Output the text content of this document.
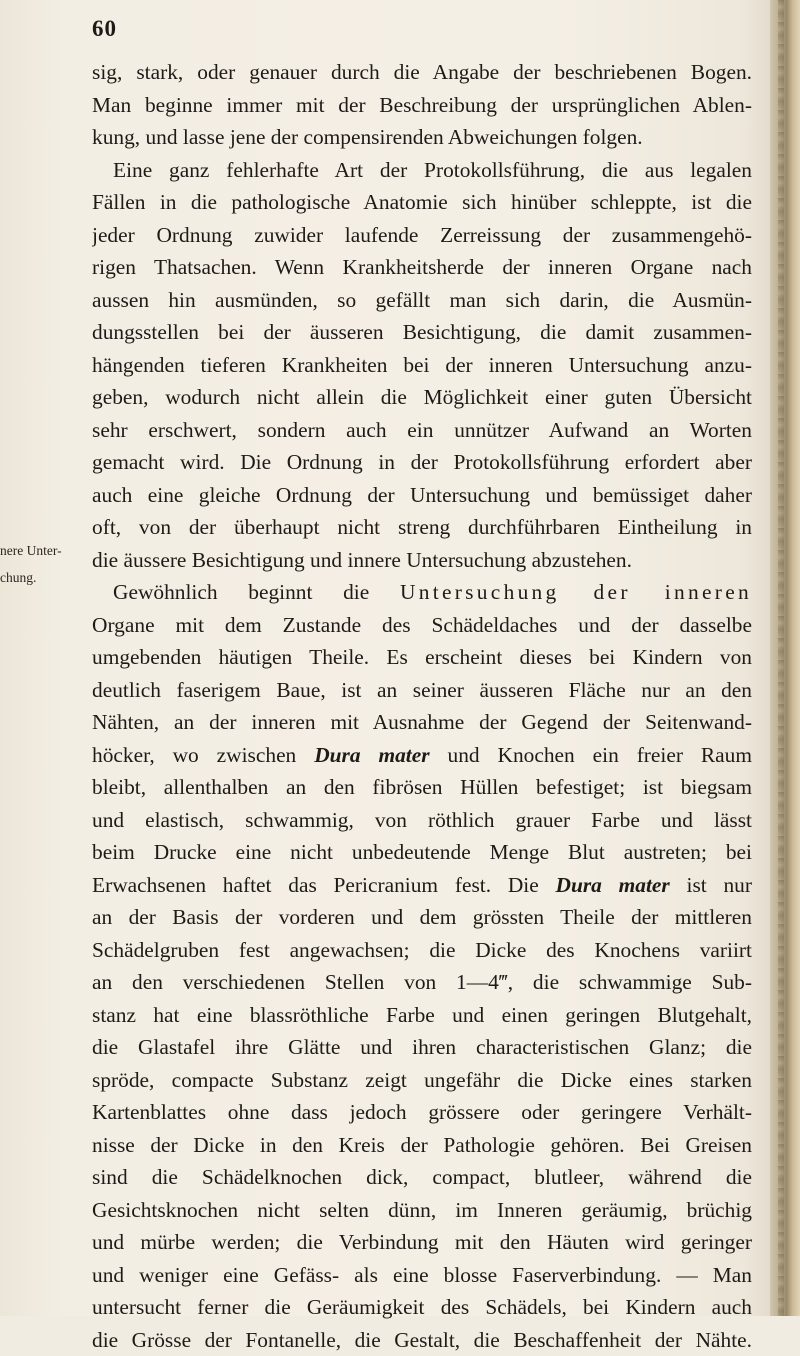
60
nere Unter-
chung.
sig, stark, oder genauer durch die Angabe der beschriebenen Bogen.
Man beginne immer mit der Beschreibung der ursprünglichen Ablen-
kung, und lasse jene der compensirenden Abweichungen folgen.
Eine ganz fehlerhafte Art der Protokollsführung, die aus legalen
Fällen in die pathologische Anatomie sich hinüber schleppte, ist die
jeder Ordnung zuwider laufende Zerreissung der zusammengehö-
rigen Thatsachen. Wenn Krankheitsherde der inneren Organe nach
aussen hin ausmünden, so gefällt man sich darin, die Ausmün-
dungsstellen bei der äusseren Besichtigung, die damit zusammen-
hängenden tieferen Krankheiten bei der inneren Untersuchung anzu-
geben, wodurch nicht allein die Möglichkeit einer guten Übersicht
sehr erschwert, sondern auch ein unnützer Aufwand an Worten
gemacht wird. Die Ordnung in der Protokollsführung erfordert aber
auch eine gleiche Ordnung der Untersuchung und bemüssiget daher
oft, von der überhaupt nicht streng durchführbaren Eintheilung in
die äussere Besichtigung und innere Untersuchung abzustehen.
Gewöhnlich beginnt die Untersuchung der inneren
Organe mit dem Zustande des Schädeldaches und der dasselbe
umgebenden häutigen Theile. Es erscheint dieses bei Kindern von
deutlich faserigem Baue, ist an seiner äusseren Fläche nur an den
Nähten, an der inneren mit Ausnahme der Gegend der Seitenwand-
höcker, wo zwischen Dura mater und Knochen ein freier Raum
bleibt, allenthalben an den fibrösen Hüllen befestiget; ist biegsam
und elastisch, schwammig, von röthlich grauer Farbe und lässt
beim Drucke eine nicht unbedeutende Menge Blut austreten; bei
Erwachsenen haftet das Pericranium fest. Die Dura mater ist nur
an der Basis der vorderen und dem grössten Theile der mittleren
Schädelgruben fest angewachsen; die Dicke des Knochens variirt
an den verschiedenen Stellen von 1—4‴, die schwammige Sub-
stanz hat eine blassröthliche Farbe und einen geringen Blutgehalt,
die Glastafel ihre Glätte und ihren characteristischen Glanz; die
spröde, compacte Substanz zeigt ungefähr die Dicke eines starken
Kartenblattes ohne dass jedoch grössere oder geringere Verhält-
nisse der Dicke in den Kreis der Pathologie gehören. Bei Greisen
sind die Schädelknochen dick, compact, blutleer, während die
Gesichtsknochen nicht selten dünn, im Inneren geräumig, brüchig
und mürbe werden; die Verbindung mit den Häuten wird geringer
und weniger eine Gefäss- als eine blosse Faserverbindung. — Man
untersucht ferner die Geräumigkeit des Schädels, bei Kindern auch
die Grösse der Fontanelle, die Gestalt, die Beschaffenheit der Nähte.
